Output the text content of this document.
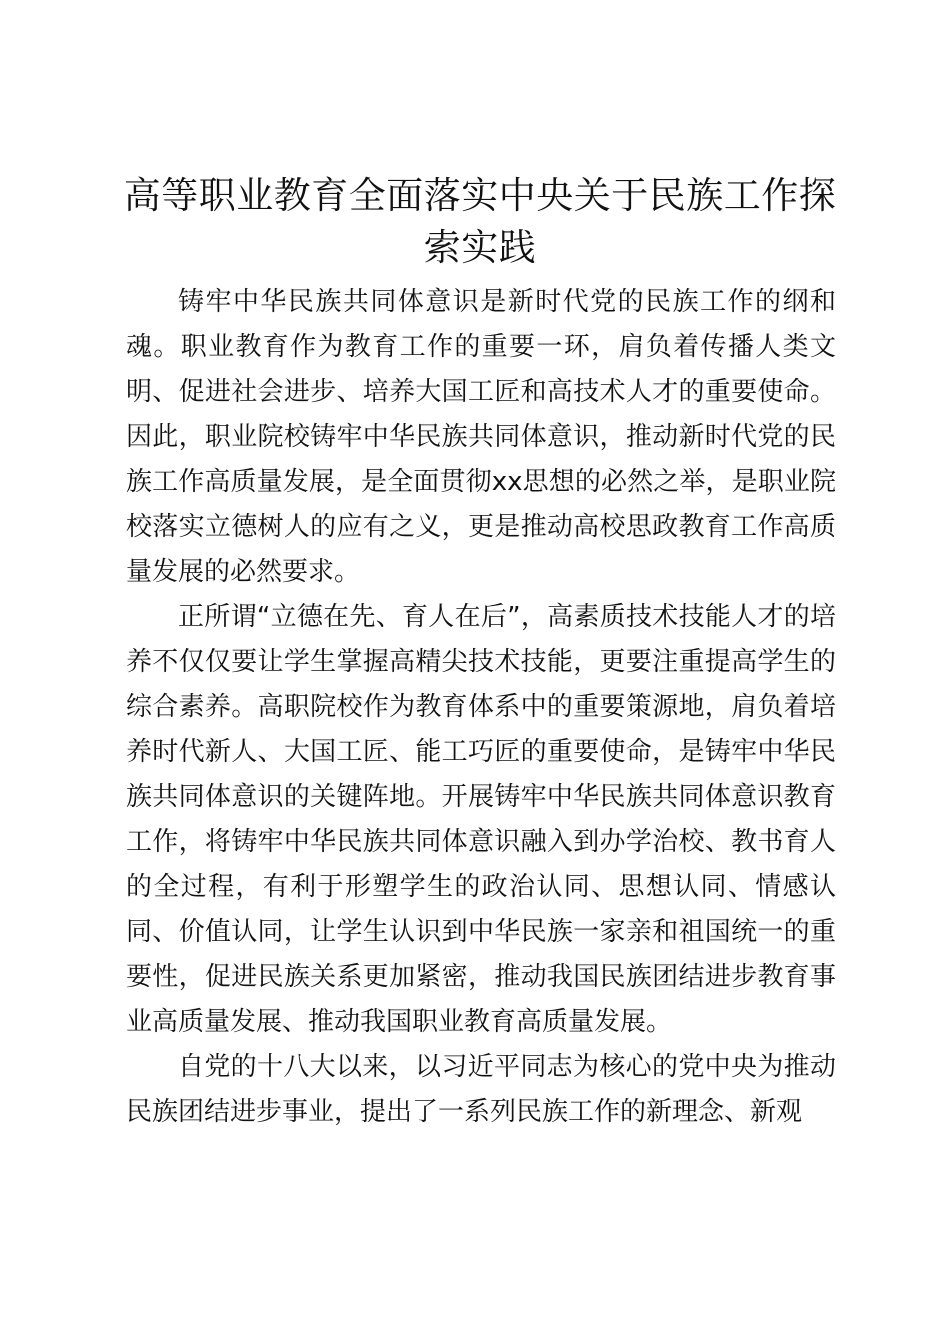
高等职业教育全面落实中央关于民族工作探索实践

铸牢中华民族共同体意识是新时代党的民族工作的纲和魂。职业教育作为教育工作的重要一环，肩负着传播人类文明、促进社会进步、培养大国工匠和高技术人才的重要使命。因此，职业院校铸牢中华民族共同体意识，推动新时代党的民族工作高质量发展，是全面贯彻xx思想的必然之举，是职业院校落实立德树人的应有之义，更是推动高校思政教育工作高质量发展的必然要求。

正所谓“立德在先、育人在后”，高素质技术技能人才的培养不仅仅要让学生掌握高精尖技术技能，更要注重提高学生的综合素养。高职院校作为教育体系中的重要策源地，肩负着培养时代新人、大国工匠、能工巧匠的重要使命，是铸牢中华民族共同体意识的关键阵地。开展铸牢中华民族共同体意识教育工作，将铸牢中华民族共同体意识融入到办学治校、教书育人的全过程，有利于形塑学生的政治认同、思想认同、情感认同、价值认同，让学生认识到中华民族一家亲和祖国统一的重要性，促进民族关系更加紧密，推动我国民族团结进步教育事业高质量发展、推动我国职业教育高质量发展。

自党的十八大以来，以习近平同志为核心的党中央为推动民族团结进步事业，提出了一系列民族工作的新理念、新观
